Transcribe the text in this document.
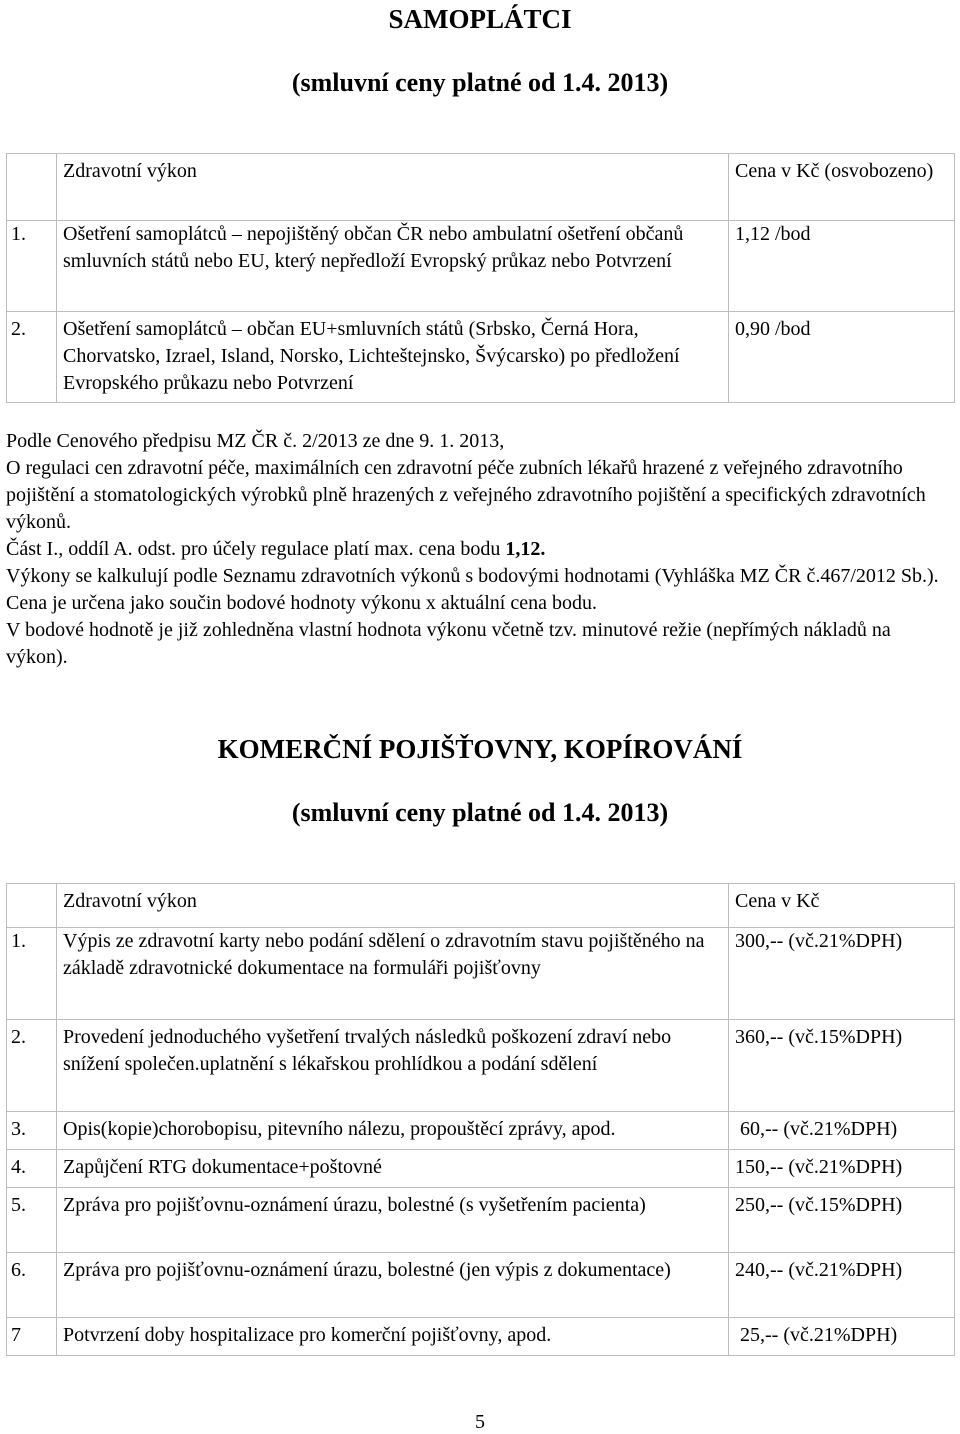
SAMOPLÁTCI
(smluvní ceny platné od 1.4. 2013)
	Zdravotní výkon	Cena v Kč (osvobozeno)
1.	Ošetření samoplátců – nepojištěný občan ČR nebo ambulatní ošetření občanů smluvních států nebo EU, který nepředloží Evropský průkaz nebo Potvrzení	1,12 /bod
2.	Ošetření samoplátců – občan EU+smluvních států (Srbsko, Černá Hora, Chorvatsko, Izrael, Island, Norsko, Lichteštejnsko, Švýcarsko) po předložení Evropského průkazu nebo Potvrzení	0,90 /bod

Podle Cenového předpisu MZ ČR č. 2/2013 ze dne 9. 1. 2013,

O regulaci cen zdravotní péče, maximálních cen zdravotní péče zubních lékařů hrazené z veřejného zdravotního pojištění a stomatologických výrobků plně hrazených z veřejného zdravotního pojištění a specifických zdravotních výkonů.

Část I., oddíl A. odst. pro účely regulace platí max. cena bodu 1,12.

Výkony se kalkulují podle Seznamu zdravotních výkonů s bodovými hodnotami (Vyhláška MZ ČR č.467/2012 Sb.).

Cena je určena jako součin bodové hodnoty výkonu x aktuální cena bodu.

V bodové hodnotě je již zohledněna vlastní hodnota výkonu včetně tzv. minutové režie (nepřímých nákladů na výkon).

KOMERČNÍ POJIŠŤOVNY, KOPÍROVÁNÍ
(smluvní ceny platné od 1.4. 2013)
	Zdravotní výkon	Cena v Kč
1.	Výpis ze zdravotní karty nebo podání sdělení o zdravotním stavu pojištěného na základě zdravotnické dokumentace na formuláři pojišťovny	300,-- (vč.21%DPH)
2.	Provedení jednoduchého vyšetření trvalých následků poškození zdraví nebo snížení společen.uplatnění s lékařskou prohlídkou a podání sdělení	360,-- (vč.15%DPH)
3.	Opis(kopie)chorobopisu, pitevního nálezu, propouštěcí zprávy, apod.	60,-- (vč.21%DPH)
4.	Zapůjčení RTG dokumentace+poštovné	150,-- (vč.21%DPH)
5.	Zpráva pro pojišťovnu-oznámení úrazu, bolestné (s vyšetřením pacienta)	250,-- (vč.15%DPH)
6.	Zpráva pro pojišťovnu-oznámení úrazu, bolestné (jen výpis z dokumentace)	240,-- (vč.21%DPH)
7	Potvrzení doby hospitalizace pro komerční pojišťovny, apod.	25,-- (vč.21%DPH)
5
